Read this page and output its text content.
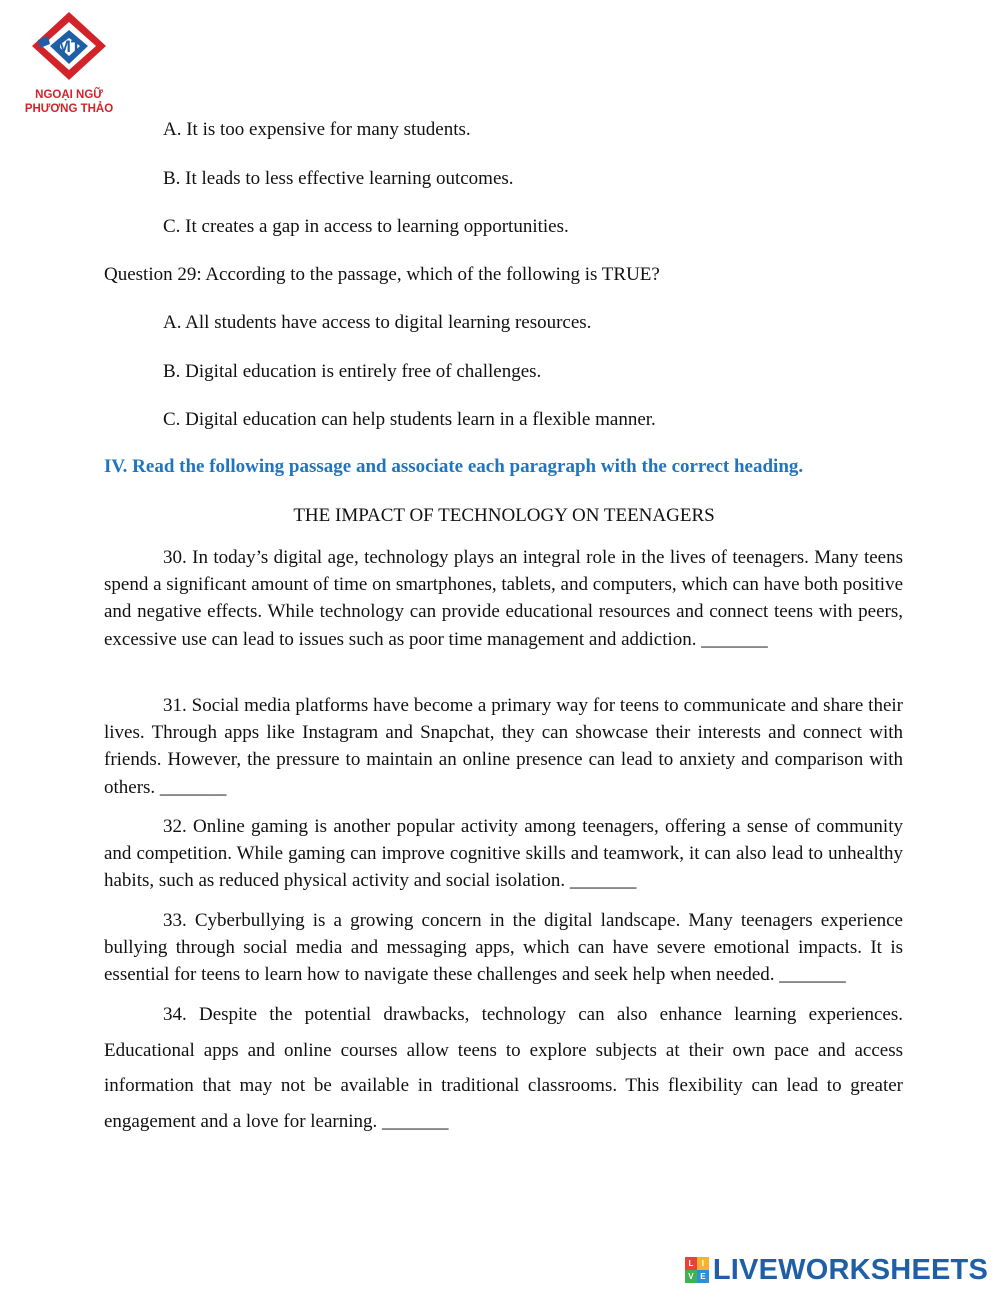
MT
NGOẠI NGỮ
PHƯƠNG THẢO
A. It is too expensive for many students.
B. It leads to less effective learning outcomes.
C. It creates a gap in access to learning opportunities.
Question 29: According to the passage, which of the following is TRUE?
A. All students have access to digital learning resources.
B. Digital education is entirely free of challenges.
C. Digital education can help students learn in a flexible manner.
IV. Read the following passage and associate each paragraph with the correct heading.
THE IMPACT OF TECHNOLOGY ON TEENAGERS

30. In today’s digital age, technology plays an integral role in the lives of teenagers. Many teens spend a significant amount of time on smartphones, tablets, and computers, which can have both positive and negative effects. While technology can provide educational resources and connect teens with peers, excessive use can lead to issues such as poor time management and addiction. _______

31. Social media platforms have become a primary way for teens to communicate and share their lives. Through apps like Instagram and Snapchat, they can showcase their interests and connect with friends. However, the pressure to maintain an online presence can lead to anxiety and comparison with others. _______

32. Online gaming is another popular activity among teenagers, offering a sense of community and competition. While gaming can improve cognitive skills and teamwork, it can also lead to unhealthy habits, such as reduced physical activity and social isolation. _______

33. Cyberbullying is a growing concern in the digital landscape. Many teenagers experience bullying through social media and messaging apps, which can have severe emotional impacts. It is essential for teens to learn how to navigate these challenges and seek help when needed. _______

34. Despite the potential drawbacks, technology can also enhance learning experiences. Educational apps and online courses allow teens to explore subjects at their own pace and access information that may not be available in traditional classrooms. This flexibility can lead to greater engagement and a love for learning. _______

L	I
V E LIVEWORKSHEETS
